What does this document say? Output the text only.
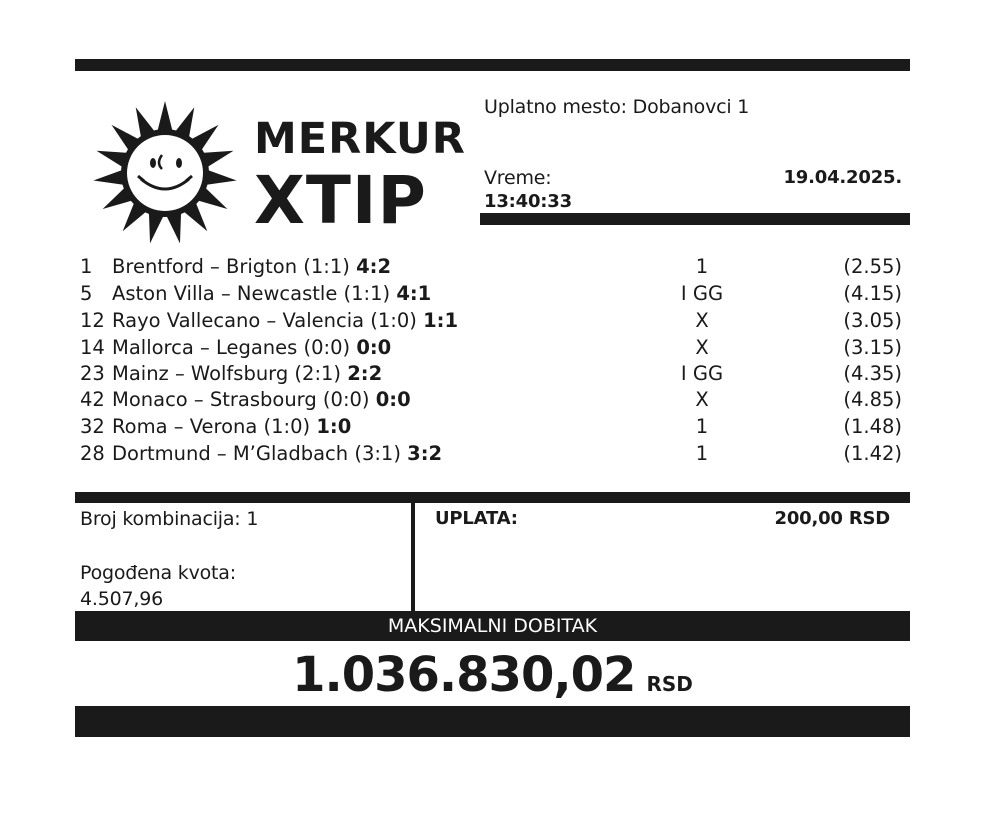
MERKUR
XTIP
Uplatno mesto: Dobanovci 1
Vreme:
13:40:33
19.04.2025.
1 Brentford – Brigton (1:1) 4:2	1	(2.55)
5 Aston Villa – Newcastle (1:1) 4:1	I GG	(4.15)
12 Rayo Vallecano – Valencia (1:0) 1:1	X	(3.05)
14 Mallorca – Leganes (0:0) 0:0	X	(3.15)
23 Mainz – Wolfsburg (2:1) 2:2	I GG	(4.35)
42 Monaco – Strasbourg (0:0) 0:0	X	(4.85)
32 Roma – Verona (1:0) 1:0	1	(1.48)
28 Dortmund – M’Gladbach (3:1) 3:2	1	(1.42)
Broj kombinacija: 1
Pogođena kvota:
4.507,96
UPLATA:	200,00 RSD
MAKSIMALNI DOBITAK
1.036.830,02 RSD
